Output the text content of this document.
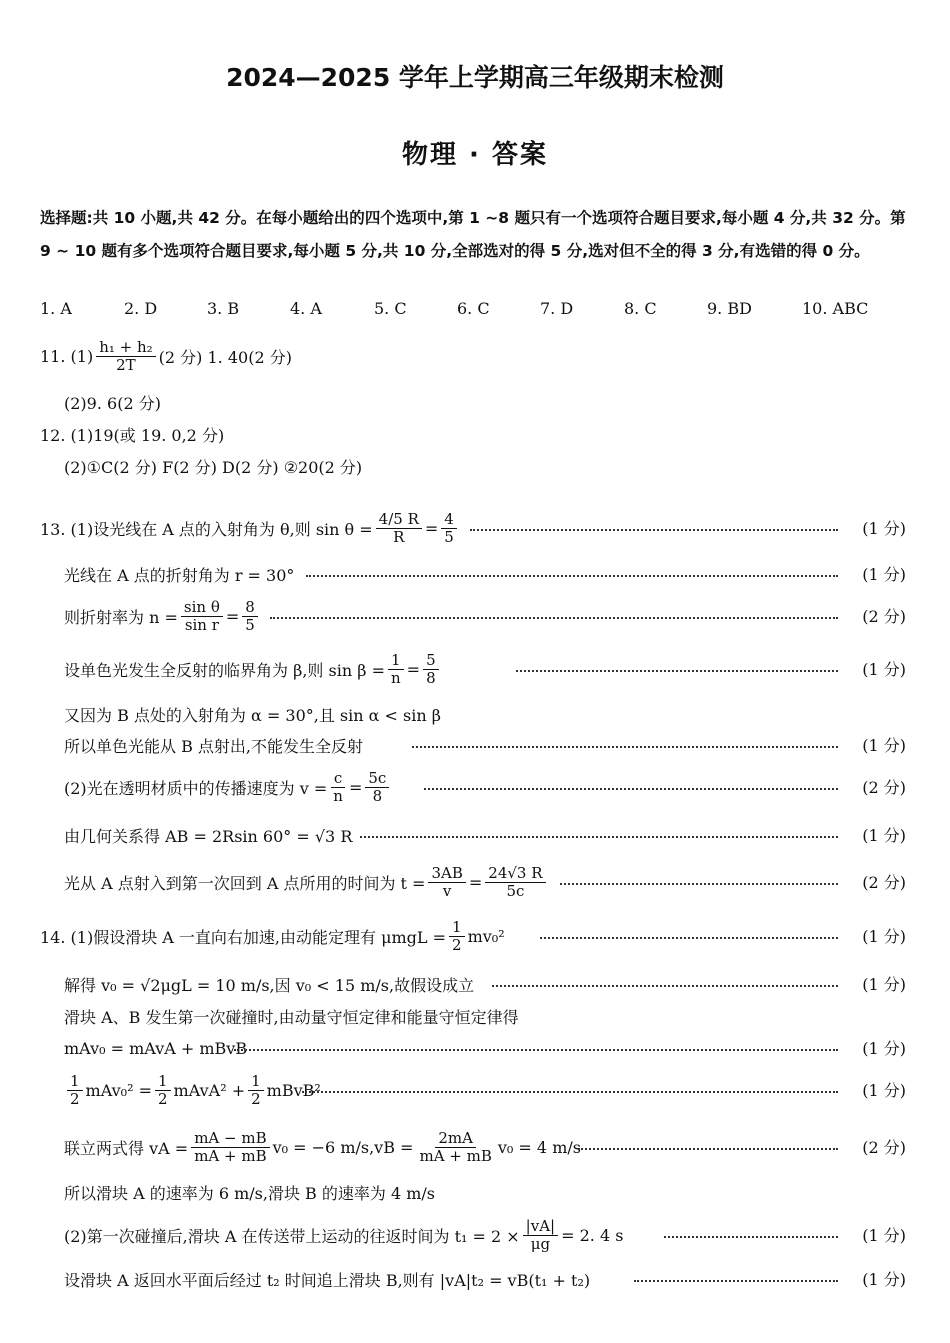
2024—2025 学年上学期高三年级期末检测
物理 · 答案
选择题:共 10 小题,共 42 分。在每小题给出的四个选项中,第 1 ~8 题只有一个选项符合题目要求,每小题 4 分,共 32 分。第 9 ~ 10 题有多个选项符合题目要求,每小题 5 分,共 10 分,全部选对的得 5 分,选对但不全的得 3 分,有选错的得 0 分。
1. A	2. D	3. B	4. A	5. C	6. C	7. D	8. C	9. BD	10. ABC
11. $(1) \frac{\text{h₁ + h₂}}{2T} (2$ 分) 1. 40(2 分)
(2)9. 6(2 分)
12. (1)19(或 19. 0,2 分)
(2)①C(2 分) F(2 分) D(2 分) ②20(2 分)
13. (1)设光线在 A 点的入射角为 θ,则 $\sin \theta = \frac{4/5 R}{R} = \frac{4}{5}$	(1 分)
光线在 A 点的折射角为 r = 30°	(1 分)
则折射率为 $n = \frac{\text{sin θ}}{\text{sin r}} = \frac{8}{5}$	(2 分)
设单色光发生全反射的临界角为 β,则 $\sin \beta = \frac{1}{n} = \frac{5}{8}$	(1 分)
又因为 B 点处的入射角为 α = 30°,且 sin α < sin β
所以单色光能从 B 点射出,不能发生全反射	(1 分)
(2)光在透明材质中的传播速度为 $v = \frac{c}{n} = \frac{5c}{8}$	(2 分)
由几何关系得 AB = 2Rsin 60° = √3 R	(1 分)
光从 A 点射入到第一次回到 A 点所用的时间为 $t = \frac{3AB}{v} = \frac{24√3 R}{5c}$	(2 分)
14. (1)假设滑块 A 一直向右加速,由动能定理有 $\mu mgL = \frac{1}{2} mv_0^2$	(1 分)
解得 v₀ = √2μgL = 10 m/s,因 v₀ < 15 m/s,故假设成立	(1 分)
滑块 A、B 发生第一次碰撞时,由动量守恒定律和能量守恒定律得
mAv₀ = mAvA + mBvB	(1 分)
$\frac{1}{2} mAv_0^2 = \frac{1}{2}$ mAvA² + $\frac{1}{2}$ mBvB²	(1 分)
联立两式得 vA = $\frac{mA - mB}{mA + mB} v_0 = -6$ $m/s,vB = \frac{2mA}{mA + mB} v_0 = 4$ m/s	(2 分)
所以滑块 A 的速率为 6 m/s,滑块 B 的速率为 4 m/s
(2)第一次碰撞后,滑块 A 在传送带上运动的往返时间为 $t_1 = 2 \times \frac{|vA|}{\mu g} = 2$. 4 s	(1 分)
设滑块 A 返回水平面后经过 t₂ 时间追上滑块 B,则有 |vA|t₂ = vB(t₁ + t₂)	(1 分)
